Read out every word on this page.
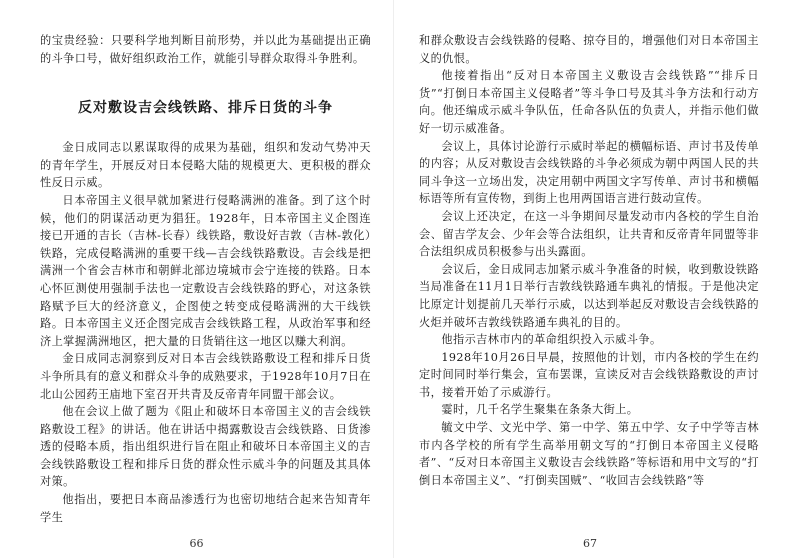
的宝贵经验：只要科学地判断目前形势，并以此为基础提出正确的斗争口号，做好组织政治工作，就能引导群众取得斗争胜利。

反对敷设吉会线铁路、排斥日货的斗争

金日成同志以累谋取得的成果为基础，组织和发动气势冲天的青年学生，开展反对日本侵略大陆的规模更大、更积极的群众性反日示威。

日本帝国主义很早就加紧进行侵略满洲的准备。到了这个时候，他们的阴谋活动更为猖狂。1928年，日本帝国主义企图连接已开通的吉长（吉林-长春）线铁路，敷设好吉敦（吉林-敦化）铁路，完成侵略满洲的重要干线—吉会线铁路敷设。吉会线是把满洲一个省会吉林市和朝鲜北部边境城市会宁连接的铁路。日本心怀叵测使用强制手法也一定敷设吉会线铁路的野心，对这条铁路赋予巨大的经济意义，企图使之转变成侵略满洲的大干线铁路。日本帝国主义还企图完成吉会线铁路工程，从政治军事和经济上掌握满洲地区，把大量的日货销往这一地区以赚大利润。

金日成同志洞察到反对日本吉会线铁路敷设工程和排斥日货斗争所具有的意义和群众斗争的成熟要求，于1928年10月7日在北山公园药王庙地下室召开共青及反帝青年同盟干部会议。

他在会议上做了题为《阻止和破坏日本帝国主义的吉会线铁路敷设工程》的讲话。他在讲话中揭露敷设吉会线铁路、日货渗透的侵略本质，指出组织进行旨在阻止和破坏日本帝国主义的吉会线铁路敷设工程和排斥日货的群众性示威斗争的问题及其具体对策。

他指出，要把日本商品渗透行为也密切地结合起来告知青年学生

66

和群众敷设吉会线铁路的侵略、掠夺目的，增强他们对日本帝国主义的仇恨。

他接着指出“反对日本帝国主义敷设吉会线铁路”“排斥日货”“打倒日本帝国主义侵略者”等斗争口号及其斗争方法和行动方向。他还编成示威斗争队伍，任命各队伍的负责人，并指示他们做好一切示威准备。

会议上，具体讨论游行示威时举起的横幅标语、声讨书及传单的内容；从反对敷设吉会线铁路的斗争必须成为朝中两国人民的共同斗争这一立场出发，决定用朝中两国文字写传单、声讨书和横幅标语等所有宣传物，到街上也用两国语言进行鼓动宣传。

会议上还决定，在这一斗争期间尽量发动市内各校的学生自治会、留吉学友会、少年会等合法组织，让共青和反帝青年同盟等非合法组织成员积极参与出头露面。

会议后，金日成同志加紧示威斗争准备的时候，收到敷设铁路当局准备在11月1日举行吉敦线铁路通车典礼的情报。于是他决定比原定计划提前几天举行示威，以达到举起反对敷设吉会线铁路的火炬并破坏吉敦线铁路通车典礼的目的。

他指示吉林市内的革命组织投入示威斗争。

1928年10月26日早晨，按照他的计划，市内各校的学生在约定时间同时举行集会，宣布罢课，宣读反对吉会线铁路敷设的声讨书，接着开始了示威游行。

霎时，几千名学生聚集在条条大街上。

毓文中学、文光中学、第一中学、第五中学、女子中学等吉林市内各学校的所有学生高举用朝文写的“打倒日本帝国主义侵略者”、“反对日本帝国主义敷设吉会线铁路”等标语和用中文写的“打倒日本帝国主义”、“打倒卖国贼”、“收回吉会线铁路”等

67
